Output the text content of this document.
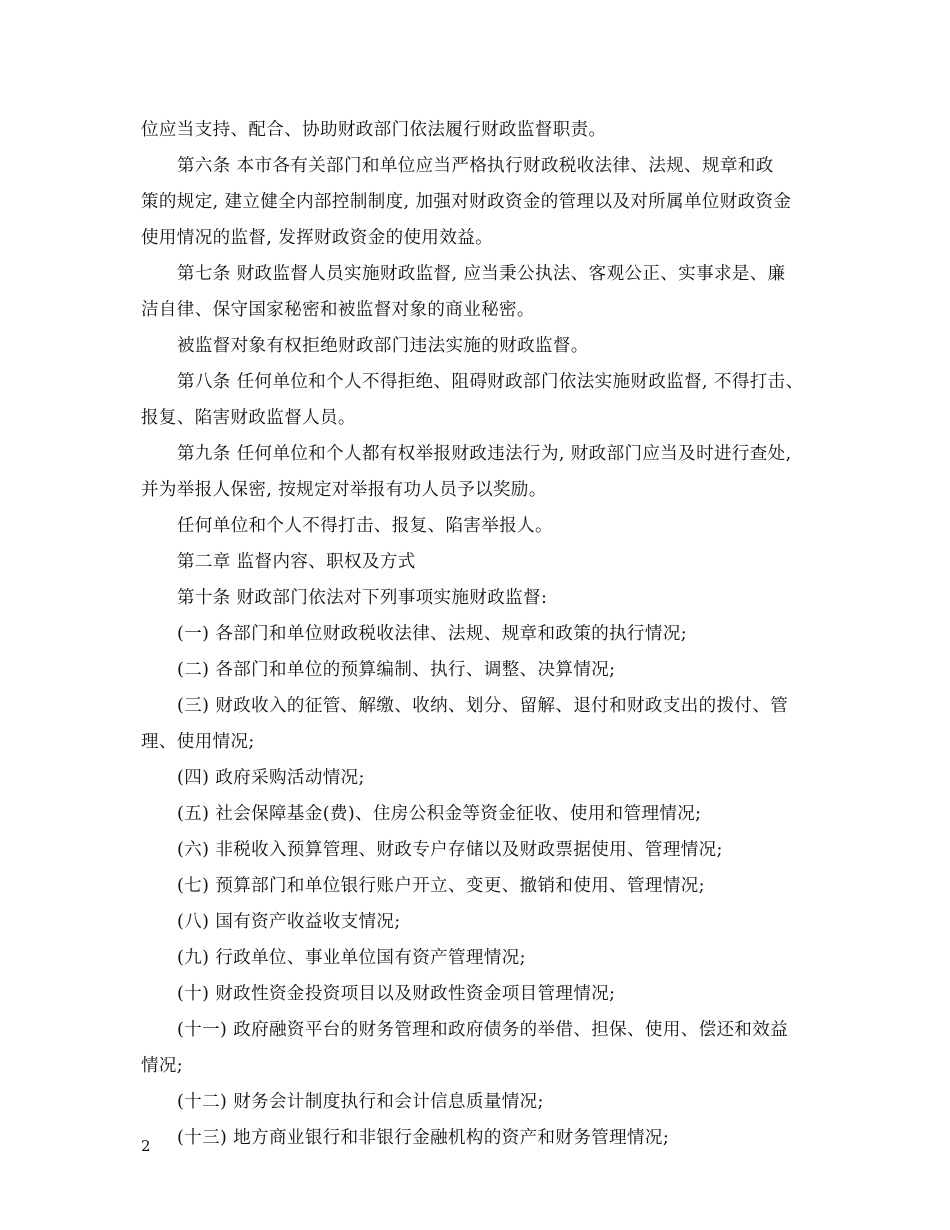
位应当支持、配合、协助财政部门依法履行财政监督职责。
第六条 本市各有关部门和单位应当严格执行财政税收法律、法规、规章和政
策的规定, 建立健全内部控制制度, 加强对财政资金的管理以及对所属单位财政资金
使用情况的监督, 发挥财政资金的使用效益。
第七条 财政监督人员实施财政监督, 应当秉公执法、客观公正、实事求是、廉
洁自律、保守国家秘密和被监督对象的商业秘密。
被监督对象有权拒绝财政部门违法实施的财政监督。
第八条 任何单位和个人不得拒绝、阻碍财政部门依法实施财政监督, 不得打击、
报复、陷害财政监督人员。
第九条 任何单位和个人都有权举报财政违法行为, 财政部门应当及时进行查处,
并为举报人保密, 按规定对举报有功人员予以奖励。
任何单位和个人不得打击、报复、陷害举报人。
第二章 监督内容、职权及方式
第十条 财政部门依法对下列事项实施财政监督:
(一) 各部门和单位财政税收法律、法规、规章和政策的执行情况;
(二) 各部门和单位的预算编制、执行、调整、决算情况;
(三) 财政收入的征管、解缴、收纳、划分、留解、退付和财政支出的拨付、管
理、使用情况;
(四) 政府采购活动情况;
(五) 社会保障基金(费)、住房公积金等资金征收、使用和管理情况;
(六) 非税收入预算管理、财政专户存储以及财政票据使用、管理情况;
(七) 预算部门和单位银行账户开立、变更、撤销和使用、管理情况;
(八) 国有资产收益收支情况;
(九) 行政单位、事业单位国有资产管理情况;
(十) 财政性资金投资项目以及财政性资金项目管理情况;
(十一) 政府融资平台的财务管理和政府债务的举借、担保、使用、偿还和效益
情况;
(十二) 财务会计制度执行和会计信息质量情况;
(十三) 地方商业银行和非银行金融机构的资产和财务管理情况;
2
